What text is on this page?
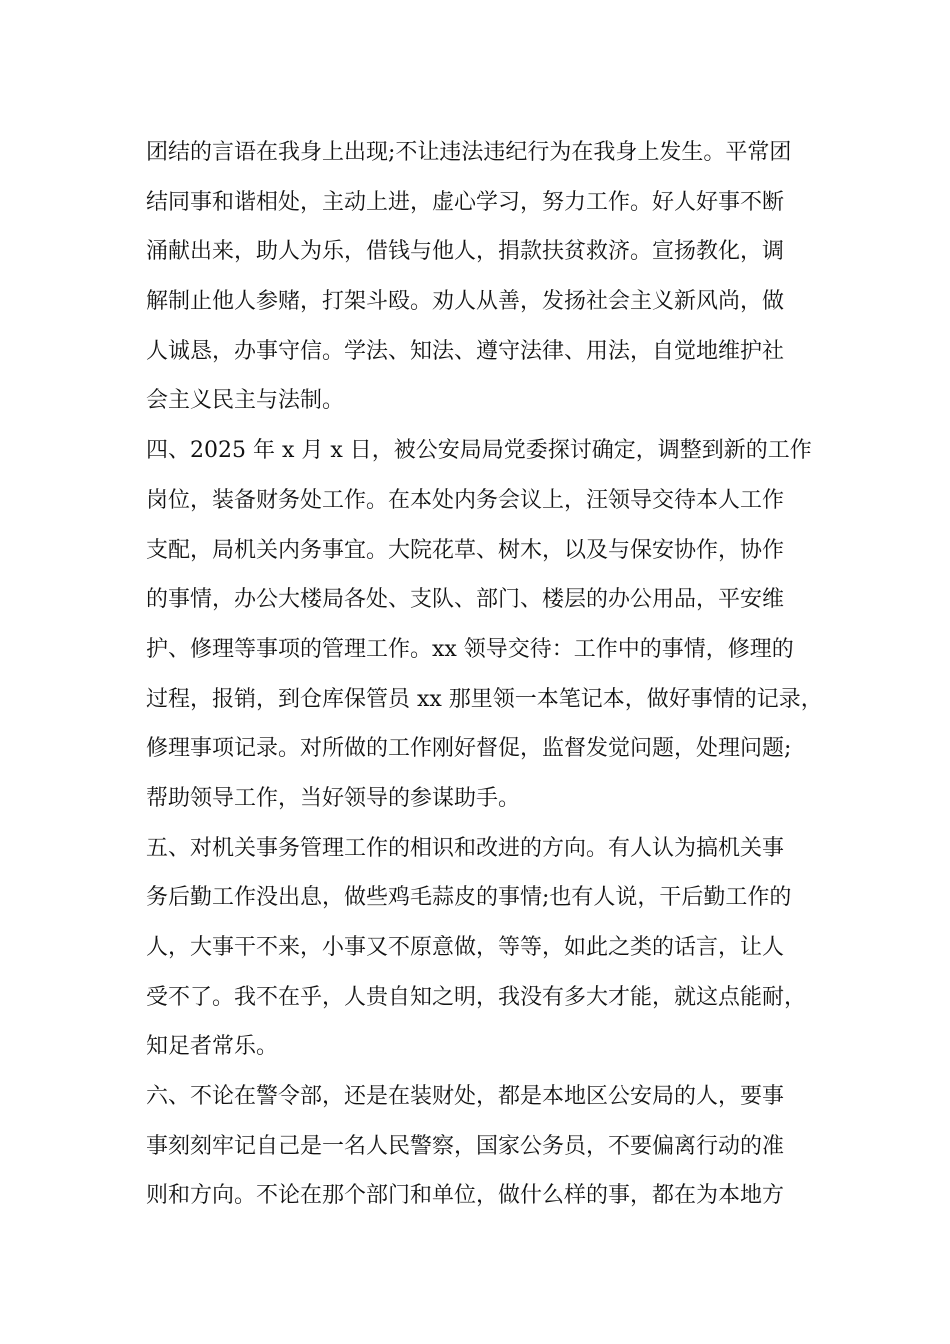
团结的言语在我身上出现;不让违法违纪行为在我身上发生。平常团
结同事和谐相处，主动上进，虚心学习，努力工作。好人好事不断
涌献出来，助人为乐，借钱与他人，捐款扶贫救济。宣扬教化，调
解制止他人参赌，打架斗殴。劝人从善，发扬社会主义新风尚，做
人诚恳，办事守信。学法、知法、遵守法律、用法，自觉地维护社
会主义民主与法制。
四、2025 年 x 月 x 日，被公安局局党委探讨确定，调整到新的工作
岗位，装备财务处工作。在本处内务会议上，汪领导交待本人工作
支配，局机关内务事宜。大院花草、树木，以及与保安协作，协作
的事情，办公大楼局各处、支队、部门、楼层的办公用品，平安维
护、修理等事项的管理工作。xx 领导交待：工作中的事情，修理的
过程，报销，到仓库保管员 xx 那里领一本笔记本，做好事情的记录，
修理事项记录。对所做的工作刚好督促，监督发觉问题，处理问题;
帮助领导工作，当好领导的参谋助手。
五、对机关事务管理工作的相识和改进的方向。有人认为搞机关事
务后勤工作没出息，做些鸡毛蒜皮的事情;也有人说，干后勤工作的
人，大事干不来，小事又不原意做，等等，如此之类的话言，让人
受不了。我不在乎，人贵自知之明，我没有多大才能，就这点能耐，
知足者常乐。
六、不论在警令部，还是在装财处，都是本地区公安局的人，要事
事刻刻牢记自己是一名人民警察，国家公务员，不要偏离行动的准
则和方向。不论在那个部门和单位，做什么样的事，都在为本地方
